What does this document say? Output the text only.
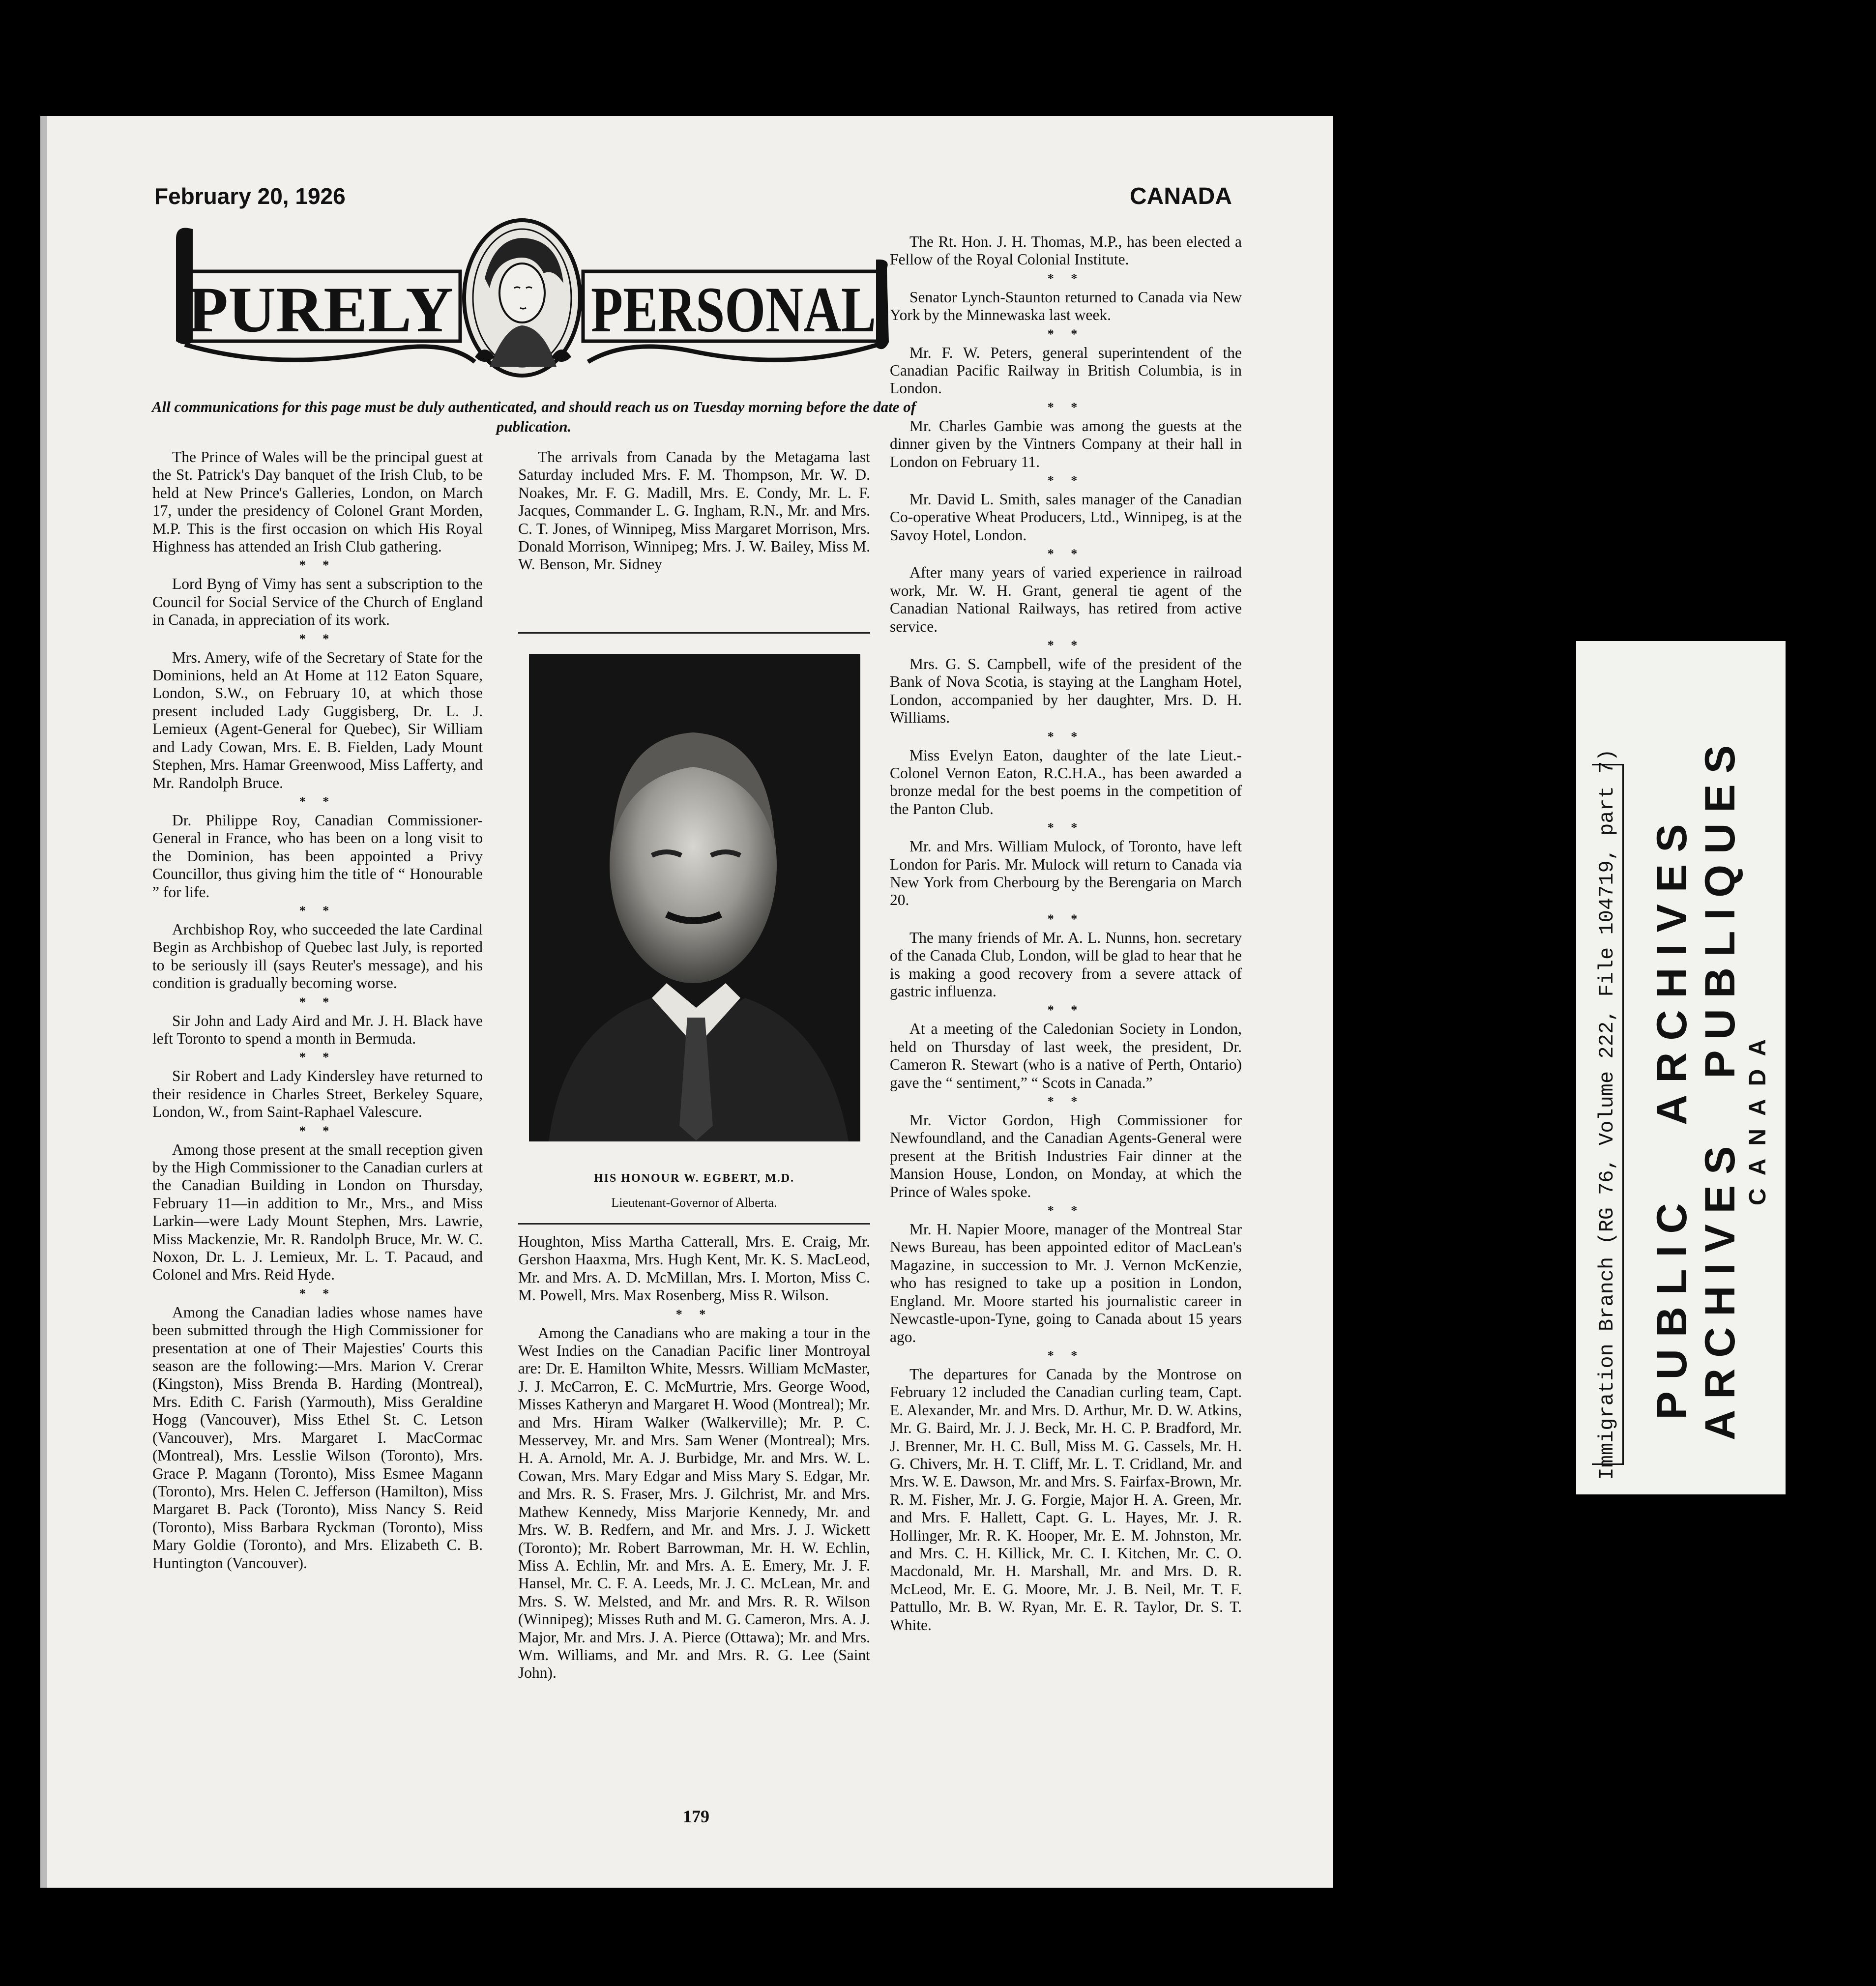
February 20, 1926	CANADA
PURELY PERSONAL
All communications for this page must be duly authenticated, and should reach us on Tuesday morning before the date of publication.

The Prince of Wales will be the principal guest at the St. Patrick's Day banquet of the Irish Club, to be held at New Prince's Galleries, London, on March 17, under the presidency of Colonel Grant Morden, M.P. This is the first occasion on which His Royal Highness has attended an Irish Club gathering.

* *

Lord Byng of Vimy has sent a subscription to the Council for Social Service of the Church of England in Canada, in appreciation of its work.

* *

Mrs. Amery, wife of the Secretary of State for the Dominions, held an At Home at 112 Eaton Square, London, S.W., on February 10, at which those present included Lady Guggisberg, Dr. L. J. Lemieux (Agent-General for Quebec), Sir William and Lady Cowan, Mrs. E. B. Fielden, Lady Mount Stephen, Mrs. Hamar Greenwood, Miss Lafferty, and Mr. Randolph Bruce.

* *

Dr. Philippe Roy, Canadian Commissioner-General in France, who has been on a long visit to the Dominion, has been appointed a Privy Councillor, thus giving him the title of “ Honourable ” for life.

* *

Archbishop Roy, who succeeded the late Cardinal Begin as Archbishop of Quebec last July, is reported to be seriously ill (says Reuter's message), and his condition is gradually becoming worse.

* *

Sir John and Lady Aird and Mr. J. H. Black have left Toronto to spend a month in Bermuda.

* *

Sir Robert and Lady Kindersley have returned to their residence in Charles Street, Berkeley Square, London, W., from Saint-Raphael Valescure.

* *

Among those present at the small reception given by the High Commissioner to the Canadian curlers at the Canadian Building in London on Thursday, February 11—in addition to Mr., Mrs., and Miss Larkin—were Lady Mount Stephen, Mrs. Lawrie, Miss Mackenzie, Mr. R. Randolph Bruce, Mr. W. C. Noxon, Dr. L. J. Lemieux, Mr. L. T. Pacaud, and Colonel and Mrs. Reid Hyde.

* *

Among the Canadian ladies whose names have been submitted through the High Commissioner for presentation at one of Their Majesties' Courts this season are the following:—Mrs. Marion V. Crerar (Kingston), Miss Brenda B. Harding (Montreal), Mrs. Edith C. Farish (Yarmouth), Miss Geraldine Hogg (Vancouver), Miss Ethel St. C. Letson (Vancouver), Mrs. Margaret I. MacCormac (Montreal), Mrs. Lesslie Wilson (Toronto), Mrs. Grace P. Magann (Toronto), Miss Esmee Magann (Toronto), Mrs. Helen C. Jefferson (Hamilton), Miss Margaret B. Pack (Toronto), Miss Nancy S. Reid (Toronto), Miss Barbara Ryckman (Toronto), Miss Mary Goldie (Toronto), and Mrs. Elizabeth C. B. Huntington (Vancouver).

The arrivals from Canada by the Metagama last Saturday included Mrs. F. M. Thompson, Mr. W. D. Noakes, Mr. F. G. Madill, Mrs. E. Condy, Mr. L. F. Jacques, Commander L. G. Ingham, R.N., Mr. and Mrs. C. T. Jones, of Winnipeg, Miss Margaret Morrison, Mrs. Donald Morrison, Winnipeg; Mrs. J. W. Bailey, Miss M. W. Benson, Mr. Sidney

HIS HONOUR W. EGBERT, M.D.
Lieutenant-Governor of Alberta.

Houghton, Miss Martha Catterall, Mrs. E. Craig, Mr. Gershon Haaxma, Mrs. Hugh Kent, Mr. K. S. MacLeod, Mr. and Mrs. A. D. McMillan, Mrs. I. Morton, Miss C. M. Powell, Mrs. Max Rosenberg, Miss R. Wilson.

* *

Among the Canadians who are making a tour in the West Indies on the Canadian Pacific liner Montroyal are: Dr. E. Hamilton White, Messrs. William McMaster, J. J. McCarron, E. C. McMurtrie, Mrs. George Wood, Misses Katheryn and Margaret H. Wood (Montreal); Mr. and Mrs. Hiram Walker (Walkerville); Mr. P. C. Messervey, Mr. and Mrs. Sam Wener (Montreal); Mrs. H. A. Arnold, Mr. A. J. Burbidge, Mr. and Mrs. W. L. Cowan, Mrs. Mary Edgar and Miss Mary S. Edgar, Mr. and Mrs. R. S. Fraser, Mrs. J. Gilchrist, Mr. and Mrs. Mathew Kennedy, Miss Marjorie Kennedy, Mr. and Mrs. W. B. Redfern, and Mr. and Mrs. J. J. Wickett (Toronto); Mr. Robert Barrowman, Mr. H. W. Echlin, Miss A. Echlin, Mr. and Mrs. A. E. Emery, Mr. J. F. Hansel, Mr. C. F. A. Leeds, Mr. J. C. McLean, Mr. and Mrs. S. W. Melsted, and Mr. and Mrs. R. R. Wilson (Winnipeg); Misses Ruth and M. G. Cameron, Mrs. A. J. Major, Mr. and Mrs. J. A. Pierce (Ottawa); Mr. and Mrs. Wm. Williams, and Mr. and Mrs. R. G. Lee (Saint John).

The Rt. Hon. J. H. Thomas, M.P., has been elected a Fellow of the Royal Colonial Institute.

* *

Senator Lynch-Staunton returned to Canada via New York by the Minnewaska last week.

* *

Mr. F. W. Peters, general superintendent of the Canadian Pacific Railway in British Columbia, is in London.

* *

Mr. Charles Gambie was among the guests at the dinner given by the Vintners Company at their hall in London on February 11.

* *

Mr. David L. Smith, sales manager of the Canadian Co-operative Wheat Producers, Ltd., Winnipeg, is at the Savoy Hotel, London.

* *

After many years of varied experience in railroad work, Mr. W. H. Grant, general tie agent of the Canadian National Railways, has retired from active service.

* *

Mrs. G. S. Campbell, wife of the president of the Bank of Nova Scotia, is staying at the Langham Hotel, London, accompanied by her daughter, Mrs. D. H. Williams.

* *

Miss Evelyn Eaton, daughter of the late Lieut.-Colonel Vernon Eaton, R.C.H.A., has been awarded a bronze medal for the best poems in the competition of the Panton Club.

* *

Mr. and Mrs. William Mulock, of Toronto, have left London for Paris. Mr. Mulock will return to Canada via New York from Cherbourg by the Berengaria on March 20.

* *

The many friends of Mr. A. L. Nunns, hon. secretary of the Canada Club, London, will be glad to hear that he is making a good recovery from a severe attack of gastric influenza.

* *

At a meeting of the Caledonian Society in London, held on Thursday of last week, the president, Dr. Cameron R. Stewart (who is a native of Perth, Ontario) gave the “ sentiment,” “ Scots in Canada.”

* *

Mr. Victor Gordon, High Commissioner for Newfoundland, and the Canadian Agents-General were present at the British Industries Fair dinner at the Mansion House, London, on Monday, at which the Prince of Wales spoke.

* *

Mr. H. Napier Moore, manager of the Montreal Star News Bureau, has been appointed editor of MacLean's Magazine, in succession to Mr. J. Vernon McKenzie, who has resigned to take up a position in London, England. Mr. Moore started his journalistic career in Newcastle-upon-Tyne, going to Canada about 15 years ago.

* *

The departures for Canada by the Montrose on February 12 included the Canadian curling team, Capt. E. Alexander, Mr. and Mrs. D. Arthur, Mr. D. W. Atkins, Mr. G. Baird, Mr. J. J. Beck, Mr. H. C. P. Bradford, Mr. J. Brenner, Mr. H. C. Bull, Miss M. G. Cassels, Mr. H. G. Chivers, Mr. H. T. Cliff, Mr. L. T. Cridland, Mr. and Mrs. W. E. Dawson, Mr. and Mrs. S. Fairfax-Brown, Mr. R. M. Fisher, Mr. J. G. Forgie, Major H. A. Green, Mr. and Mrs. F. Hallett, Capt. G. L. Hayes, Mr. J. R. Hollinger, Mr. R. K. Hooper, Mr. E. M. Johnston, Mr. and Mrs. C. H. Killick, Mr. C. I. Kitchen, Mr. C. O. Macdonald, Mr. H. Marshall, Mr. and Mrs. D. R. McLeod, Mr. E. G. Moore, Mr. J. B. Neil, Mr. T. F. Pattullo, Mr. B. W. Ryan, Mr. E. R. Taylor, Dr. S. T. White.

179
Immigration Branch (RG 76, Volume 222, File 104719, part 7) PUBLIC ARCHIVES ARCHIVES PUBLIQUES CANADA
